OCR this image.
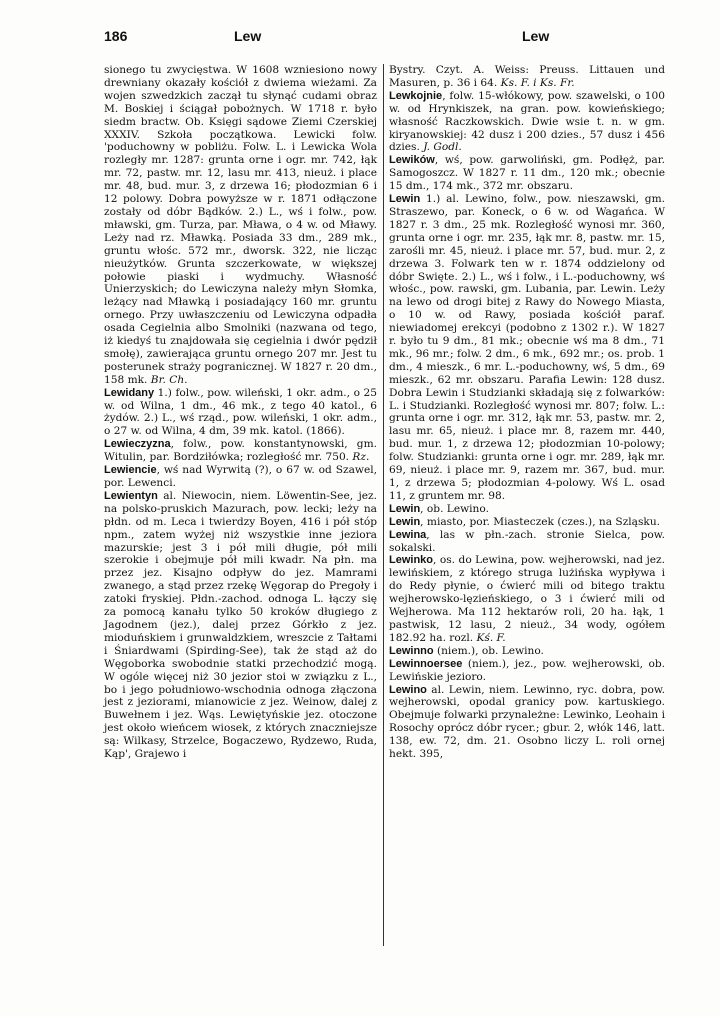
186	Lew	Lew

sionego tu zwycięstwa. W 1608 wzniesiono nowy drewniany okazały kościół z dwiema wieżami. Za wojen szwedzkich zaczął tu słynąć cudami obraz M. Boskiej i ściągał pobożnych. W 1718 r. było siedm bractw. Ob. Księgi sądowe Ziemi Czerskiej XXXIV. Szkoła początkowa. Lewicki folw. 'poduchowny w pobliżu. Folw. L. i Lewicka Wola rozległy mr. 1287: grunta orne i ogr. mr. 742, łąk mr. 72, pastw. mr. 12, lasu mr. 413, nieuż. i place mr. 48, bud. mur. 3, z drzewa 16; płodozmian 6 i 12 polowy. Dobra powyższe w r. 1871 odłączone zostały od dóbr Bądków. 2.) L., wś i folw., pow. mławski, gm. Turza, par. Mława, o 4 w. od Mławy. Leży nad rz. Mławką. Posiada 33 dm., 289 mk., gruntu włośc. 572 mr., dworsk. 322, nie licząc nieużytków. Grunta szczerkowate, w większej połowie piaski i wydmuchy. Własność Unierzyskich; do Lewiczyna należy młyn Słomka, leżący nad Mławką i posiadający 160 mr. gruntu ornego. Przy uwłaszczeniu od Lewiczyna odpadła osada Cegielnia albo Smolniki (nazwana od tego, iż kiedyś tu znajdowała się cegielnia i dwór pędził smołę), zawierająca gruntu ornego 207 mr. Jest tu posterunek straży pogranicznej. W 1827 r. 20 dm., 158 mk. Br. Ch.

Lewidany 1.) folw., pow. wileński, 1 okr. adm., o 25 w. od Wilna, 1 dm., 46 mk., z tego 40 katol., 6 żydów. 2.) L., wś rząd., pow. wileński, 1 okr. adm., o 27 w. od Wilna, 4 dm, 39 mk. katol. (1866).

Lewieczyzna, folw., pow. konstantynowski, gm. Witulin, par. Bordziłówka; rozległość mr. 750. Rz.

Lewiencie, wś nad Wyrwitą (?), o 67 w. od Szawel, por. Lewenci.

Lewientyn al. Niewocin, niem. Löwentin-See, jez. na polsko-pruskich Mazurach, pow. lecki; leży na płdn. od m. Leca i twierdzy Boyen, 416 i pół stóp npm., zatem wyżej niż wszystkie inne jeziora mazurskie; jest 3 i pół mili długie, pół mili szerokie i obejmuje pół mili kwadr. Na płn. ma przez jez. Kisajno odpływ do jez. Mamrami zwanego, a stąd przez rzekę Węgorap do Pregoły i zatoki fryskiej. Płdn.-zachod. odnoga L. łączy się za pomocą kanału tylko 50 kroków długiego z Jagodnem (jez.), dalej przez Górkło z jez. mioduńskiem i grunwaldzkiem, wreszcie z Tałtami i Śniardwami (Spirding-See), tak że stąd aż do Węgoborka swobodnie statki przechodzić mogą. W ogóle więcej niż 30 jezior stoi w związku z L., bo i jego południowo-wschodnia odnoga złączona jest z jeziorami, mianowicie z jez. Weinow, dalej z Buwełnem i jez. Wąs. Lewiętyńskie jez. otoczone jest około wieńcem wiosek, z których znaczniejsze są: Wilkasy, Strzelce, Bogaczewo, Rydzewo, Ruda, Kąp', Grajewo i

Bystry. Czyt. A. Weiss: Preuss. Littauen und Masuren, p. 36 i 64. Ks. F. i Ks. Fr.

Lewkojnie, folw. 15-włókowy, pow. szawelski, o 100 w. od Hrynkiszek, na gran. pow. kowieńskiego; własność Raczkowskich. Dwie wsie t. n. w gm. kiryanowskiej: 42 dusz i 200 dzies., 57 dusz i 456 dzies. J. Godl.

Lewików, wś, pow. garwoliński, gm. Podłęż, par. Samogoszcz. W 1827 r. 11 dm., 120 mk.; obecnie 15 dm., 174 mk., 372 mr. obszaru.

Lewin 1.) al. Lewino, folw., pow. nieszawski, gm. Straszewo, par. Koneck, o 6 w. od Wagańca. W 1827 r. 3 dm., 25 mk. Rozległość wynosi mr. 360, grunta orne i ogr. mr. 235, łąk mr. 8, pastw. mr. 15, zarośli mr. 45, nieuż. i place mr. 57, bud. mur. 2, z drzewa 3. Folwark ten w r. 1874 oddzielony od dóbr Swięte. 2.) L., wś i folw., i L.-poduchowny, wś włośc., pow. rawski, gm. Lubania, par. Lewin. Leży na lewo od drogi bitej z Rawy do Nowego Miasta, o 10 w. od Rawy, posiada kościół paraf. niewiadomej erekcyi (podobno z 1302 r.). W 1827 r. było tu 9 dm., 81 mk.; obecnie wś ma 8 dm., 71 mk., 96 mr.; folw. 2 dm., 6 mk., 692 mr.; os. prob. 1 dm., 4 mieszk., 6 mr. L.-poduchowny, wś, 5 dm., 69 mieszk., 62 mr. obszaru. Parafia Lewin: 128 dusz. Dobra Lewin i Studzianki składają się z folwarków: L. i Studzianki. Rozległość wynosi mr. 807; folw. L.: grunta orne i ogr. mr. 312, łąk mr. 53, pastw. mr. 2, lasu mr. 65, nieuż. i place mr. 8, razem mr. 440, bud. mur. 1, z drzewa 12; płodozmian 10-polowy; folw. Studzianki: grunta orne i ogr. mr. 289, łąk mr. 69, nieuż. i place mr. 9, razem mr. 367, bud. mur. 1, z drzewa 5; płodozmian 4-polowy. Wś L. osad 11, z gruntem mr. 98.

Lewin, ob. Lewino.

Lewin, miasto, por. Miasteczek (czes.), na Szląsku.

Lewina, las w płn.-zach. stronie Sielca, pow. sokalski.

Lewinko, os. do Lewina, pow. wejherowski, nad jez. lewińskiem, z którego struga lużińska wypływa i do Redy płynie, o ćwierć mili od bitego traktu wejherowsko-lęzieńskiego, o 3 i ćwierć mili od Wejherowa. Ma 112 hektarów roli, 20 ha. łąk, 1 pastwisk, 12 lasu, 2 nieuż., 34 wody, ogółem 182.92 ha. rozl. Kś. F.

Lewinno (niem.), ob. Lewino.

Lewinnoersee (niem.), jez., pow. wejherowski, ob. Lewińskie jezioro.

Lewino al. Lewin, niem. Lewinno, ryc. dobra, pow. wejherowski, opodal granicy pow. kartuskiego. Obejmuje folwarki przynależne: Lewinko, Leohain i Rosochy oprócz dóbr rycer.; gbur. 2, włók 146, latt. 138, ew. 72, dm. 21. Osobno liczy L. roli ornej hekt. 395,
